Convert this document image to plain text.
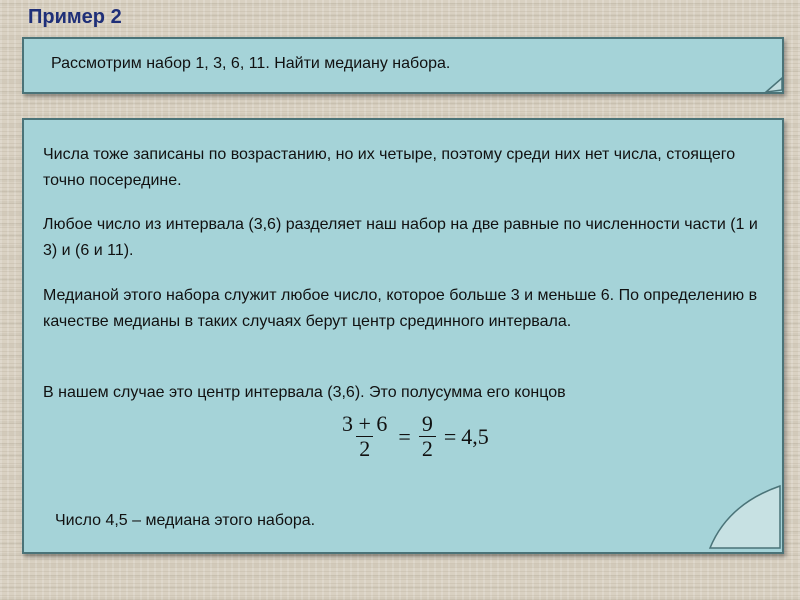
Пример 2
Рассмотрим набор 1, 3, 6, 11. Найти медиану набора.
Числа тоже записаны по возрастанию, но их четыре, поэтому среди них нет числа, стоящего точно посередине.
Любое число из интервала (3,6) разделяет наш набор на две равные по численности части (1 и 3) и (6 и 11).
Медианой этого набора служит любое число, которое больше 3 и меньше 6. По определению в качестве медианы в таких случаях берут центр срединного интервала.
В нашем случае это центр интервала (3,6). Это полусумма его концов
$\frac{3 + 6}{2} = \frac{9}{2} = 4,5$
Число 4,5 – медиана этого набора.
